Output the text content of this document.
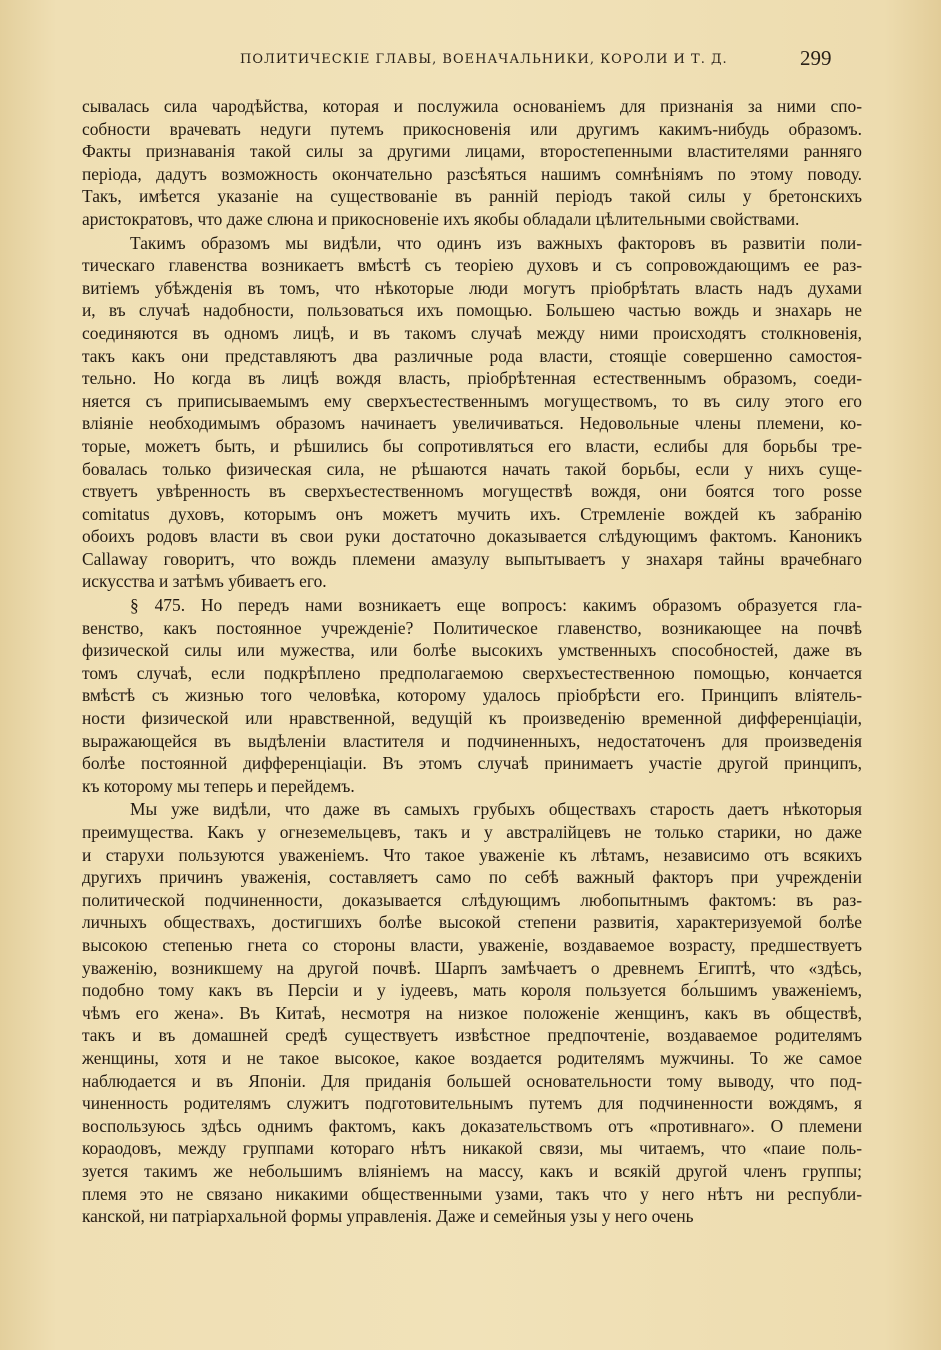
ПОЛИТИЧЕСКІЕ ГЛАВЫ, ВОЕНАЧАЛЬНИКИ, КОРОЛИ И Т. Д.	299
сывалась сила чародѣйства, которая и послужила основаніемъ для признанія за ними спо-
собности врачевать недуги путемъ прикосновенія или другимъ какимъ-нибудь образомъ.
Факты признаванія такой силы за другими лицами, второстепенными властителями ранняго
періода, дадутъ возможность окончательно разсѣяться нашимъ сомнѣніямъ по этому поводу.
Такъ, имѣется указаніе на существованіе въ ранній періодъ такой силы у бретонскихъ
аристократовъ, что даже слюна и прикосновеніе ихъ якобы обладали цѣлительными свойствами.
Такимъ образомъ мы видѣли, что одинъ изъ важныхъ факторовъ въ развитіи поли-
тическаго главенства возникаетъ вмѣстѣ съ теоріею духовъ и съ сопровождающимъ ее раз-
витіемъ убѣжденія въ томъ, что нѣкоторые люди могутъ пріобрѣтать власть надъ духами
и, въ случаѣ надобности, пользоваться ихъ помощью. Большею частью вождь и знахарь не
соединяются въ одномъ лицѣ, и въ такомъ случаѣ между ними происходятъ столкновенія,
такъ какъ они представляютъ два различные рода власти, стоящіе совершенно самостоя-
тельно. Но когда въ лицѣ вождя власть, пріобрѣтенная естественнымъ образомъ, соеди-
няется съ приписываемымъ ему сверхъестественнымъ могуществомъ, то въ силу этого его
вліяніе необходимымъ образомъ начинаетъ увеличиваться. Недовольные члены племени, ко-
торые, можетъ быть, и рѣшились бы сопротивляться его власти, еслибы для борьбы тре-
бовалась только физическая сила, не рѣшаются начать такой борьбы, если у нихъ суще-
ствуетъ увѣренность въ сверхъестественномъ могуществѣ вождя, они боятся того posse
comitatus духовъ, которымъ онъ можетъ мучить ихъ. Стремленіе вождей къ забранію
обоихъ родовъ власти въ свои руки достаточно доказывается слѣдующимъ фактомъ. Каноникъ
Callaway говоритъ, что вождь племени амазулу выпытываетъ у знахаря тайны врачебнаго
искусства и затѣмъ убиваетъ его.
§ 475. Но передъ нами возникаетъ еще вопросъ: какимъ образомъ образуется гла-
венство, какъ постоянное учрежденіе? Политическое главенство, возникающее на почвѣ
физической силы или мужества, или болѣе высокихъ умственныхъ способностей, даже въ
томъ случаѣ, если подкрѣплено предполагаемою сверхъестественною помощью, кончается
вмѣстѣ съ жизнью того человѣка, которому удалось пріобрѣсти его. Принципъ вліятель-
ности физической или нравственной, ведущій къ произведенію временной дифференціаціи,
выражающейся въ выдѣленіи властителя и подчиненныхъ, недостаточенъ для произведенія
болѣе постоянной дифференціаціи. Въ этомъ случаѣ принимаетъ участіе другой принципъ,
къ которому мы теперь и перейдемъ.
Мы уже видѣли, что даже въ самыхъ грубыхъ обществахъ старость даетъ нѣкоторыя
преимущества. Какъ у огнеземельцевъ, такъ и у австралійцевъ не только старики, но даже
и старухи пользуются уваженіемъ. Что такое уваженіе къ лѣтамъ, независимо отъ всякихъ
другихъ причинъ уваженія, составляетъ само по себѣ важный факторъ при учрежденіи
политической подчиненности, доказывается слѣдующимъ любопытнымъ фактомъ: въ раз-
личныхъ обществахъ, достигшихъ болѣе высокой степени развитія, характеризуемой болѣе
высокою степенью гнета со стороны власти, уваженіе, воздаваемое возрасту, предшествуетъ
уваженію, возникшему на другой почвѣ. Шарпъ замѣчаетъ о древнемъ Египтѣ, что «здѣсь,
подобно тому какъ въ Персіи и у іудеевъ, мать короля пользуется бо́льшимъ уваженіемъ,
чѣмъ его жена». Въ Китаѣ, несмотря на низкое положеніе женщинъ, какъ въ обществѣ,
такъ и въ домашней средѣ существуетъ извѣстное предпочтеніе, воздаваемое родителямъ
женщины, хотя и не такое высокое, какое воздается родителямъ мужчины. То же самое
наблюдается и въ Японіи. Для приданія большей основательности тому выводу, что под-
чиненность родителямъ служитъ подготовительнымъ путемъ для подчиненности вождямъ, я
воспользуюсь здѣсь однимъ фактомъ, какъ доказательствомъ отъ «противнаго». О племени
кораодовъ, между группами котораго нѣтъ никакой связи, мы читаемъ, что «паие поль-
зуется такимъ же небольшимъ вліяніемъ на массу, какъ и всякій другой членъ группы;
племя это не связано никакими общественными узами, такъ что у него нѣтъ ни республи-
канской, ни патріархальной формы управленія. Даже и семейныя узы у него очень
